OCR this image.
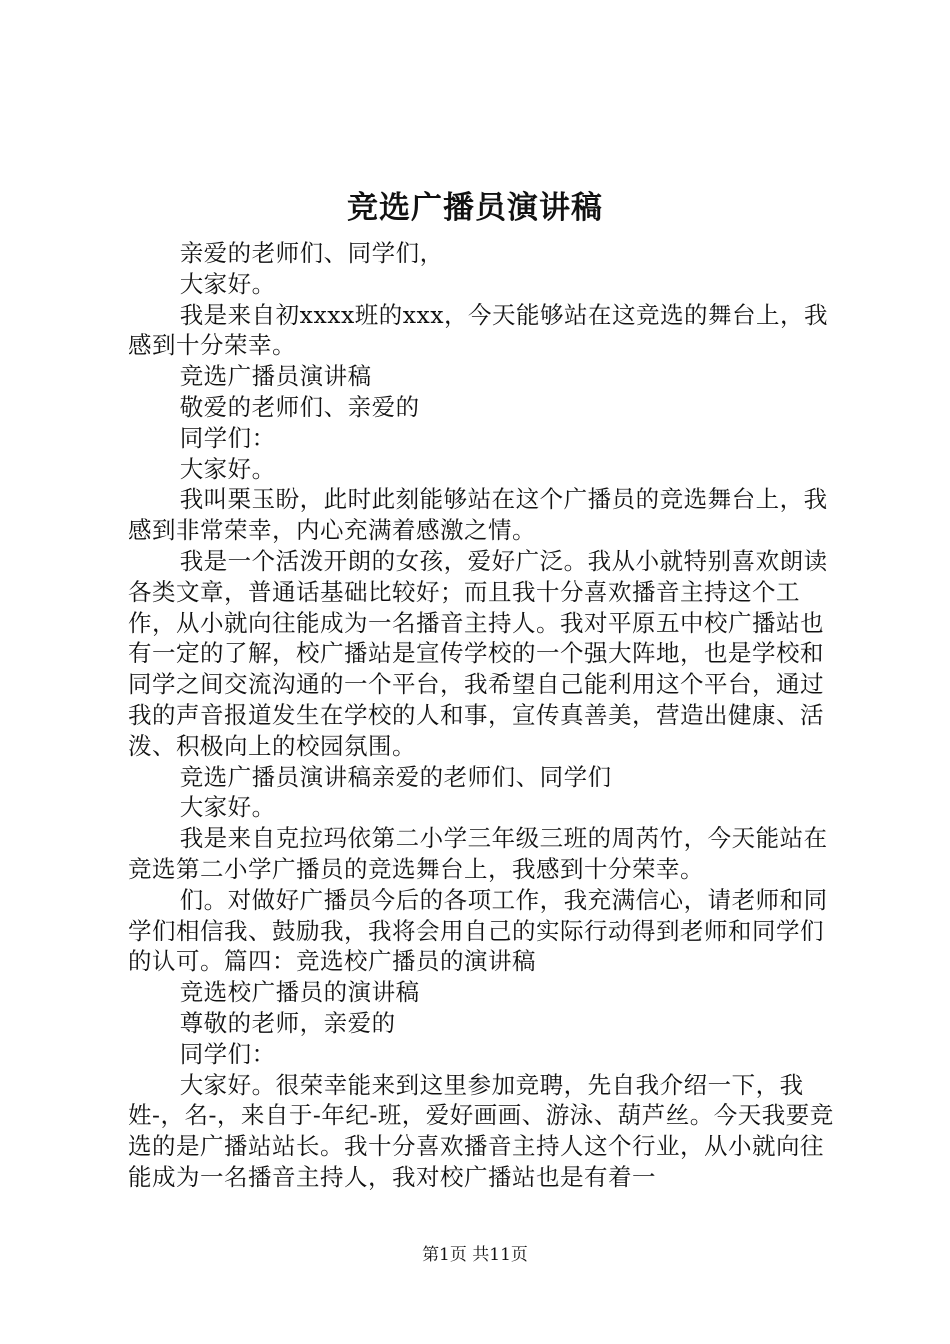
竞选广播员演讲稿

亲爱的老师们、同学们，

大家好。

我是来自初xxxx班的xxx，今天能够站在这竞选的舞台上，我感到十分荣幸。

竞选广播员演讲稿

敬爱的老师们、亲爱的

同学们：

大家好。

我叫栗玉盼，此时此刻能够站在这个广播员的竞选舞台上，我感到非常荣幸，内心充满着感激之情。

我是一个活泼开朗的女孩，爱好广泛。我从小就特别喜欢朗读各类文章，普通话基础比较好；而且我十分喜欢播音主持这个工作，从小就向往能成为一名播音主持人。我对平原五中校广播站也有一定的了解，校广播站是宣传学校的一个强大阵地，也是学校和同学之间交流沟通的一个平台，我希望自己能利用这个平台，通过我的声音报道发生在学校的人和事，宣传真善美，营造出健康、活泼、积极向上的校园氛围。

竞选广播员演讲稿亲爱的老师们、同学们

大家好。

我是来自克拉玛依第二小学三年级三班的周芮竹，今天能站在竞选第二小学广播员的竞选舞台上，我感到十分荣幸。

们。对做好广播员今后的各项工作，我充满信心，请老师和同学们相信我、鼓励我，我将会用自己的实际行动得到老师和同学们的认可。篇四：竞选校广播员的演讲稿

竞选校广播员的演讲稿

尊敬的老师，亲爱的

同学们：

大家好。很荣幸能来到这里参加竞聘，先自我介绍一下，我姓-，名-，来自于-年纪-班，爱好画画、游泳、葫芦丝。今天我要竞选的是广播站站长。我十分喜欢播音主持人这个行业，从小就向往能成为一名播音主持人，我对校广播站也是有着一

第1页 共11页
